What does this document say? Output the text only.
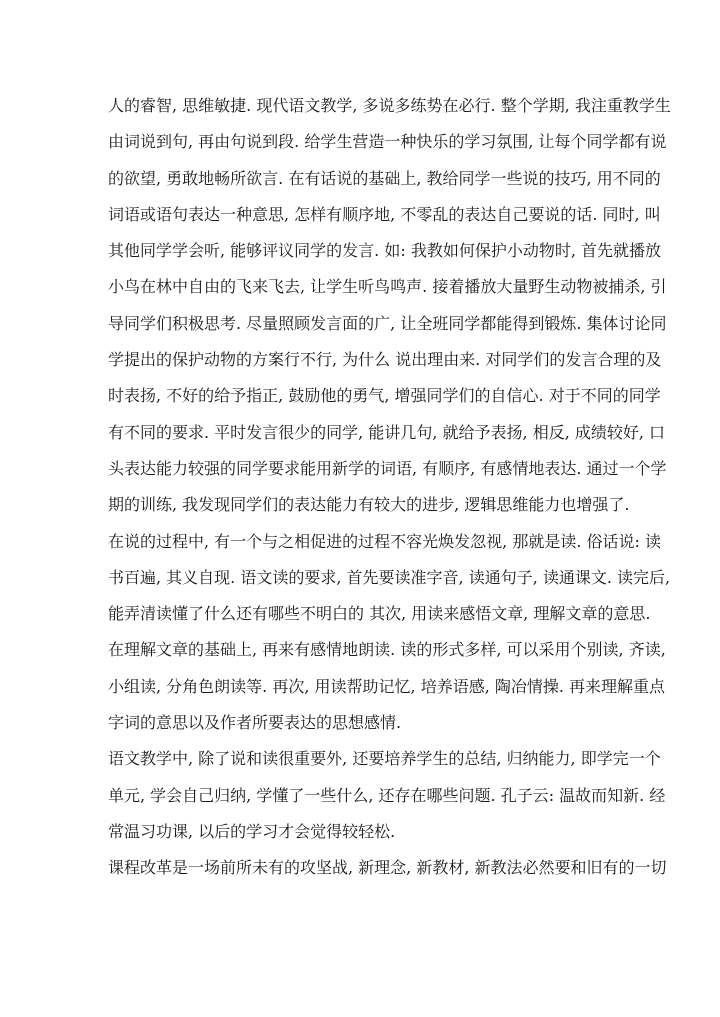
人的睿智, 思维敏捷. 现代语文教学, 多说多练势在必行. 整个学期, 我注重教学生
由词说到句, 再由句说到段. 给学生营造一种快乐的学习氛围, 让每个同学都有说
的欲望, 勇敢地畅所欲言. 在有话说的基础上, 教给同学一些说的技巧, 用不同的
词语或语句表达一种意思, 怎样有顺序地, 不零乱的表达自己要说的话. 同时, 叫
其他同学学会听, 能够评议同学的发言. 如: 我教如何保护小动物时, 首先就播放
小鸟在林中自由的飞来飞去, 让学生听鸟鸣声. 接着播放大量野生动物被捕杀, 引
导同学们积极思考. 尽量照顾发言面的广, 让全班同学都能得到锻炼. 集体讨论同
学提出的保护动物的方案行不行, 为什么 说出理由来. 对同学们的发言合理的及
时表扬, 不好的给予指正, 鼓励他的勇气, 增强同学们的自信心. 对于不同的同学
有不同的要求. 平时发言很少的同学, 能讲几句, 就给予表扬, 相反, 成绩较好, 口
头表达能力较强的同学要求能用新学的词语, 有顺序, 有感情地表达. 通过一个学
期的训练, 我发现同学们的表达能力有较大的进步, 逻辑思维能力也增强了.
在说的过程中, 有一个与之相促进的过程不容光焕发忽视, 那就是读. 俗话说: 读
书百遍, 其义自现. 语文读的要求, 首先要读准字音, 读通句子, 读通课文. 读完后,
能弄清读懂了什么还有哪些不明白的 其次, 用读来感悟文章, 理解文章的意思.
在理解文章的基础上, 再来有感情地朗读. 读的形式多样, 可以采用个别读, 齐读,
小组读, 分角色朗读等. 再次, 用读帮助记忆, 培养语感, 陶冶情操. 再来理解重点
字词的意思以及作者所要表达的思想感情.
语文教学中, 除了说和读很重要外, 还要培养学生的总结, 归纳能力, 即学完一个
单元, 学会自己归纳, 学懂了一些什么, 还存在哪些问题. 孔子云: 温故而知新. 经
常温习功课, 以后的学习才会觉得较轻松.
课程改革是一场前所未有的攻坚战, 新理念, 新教材, 新教法必然要和旧有的一切
